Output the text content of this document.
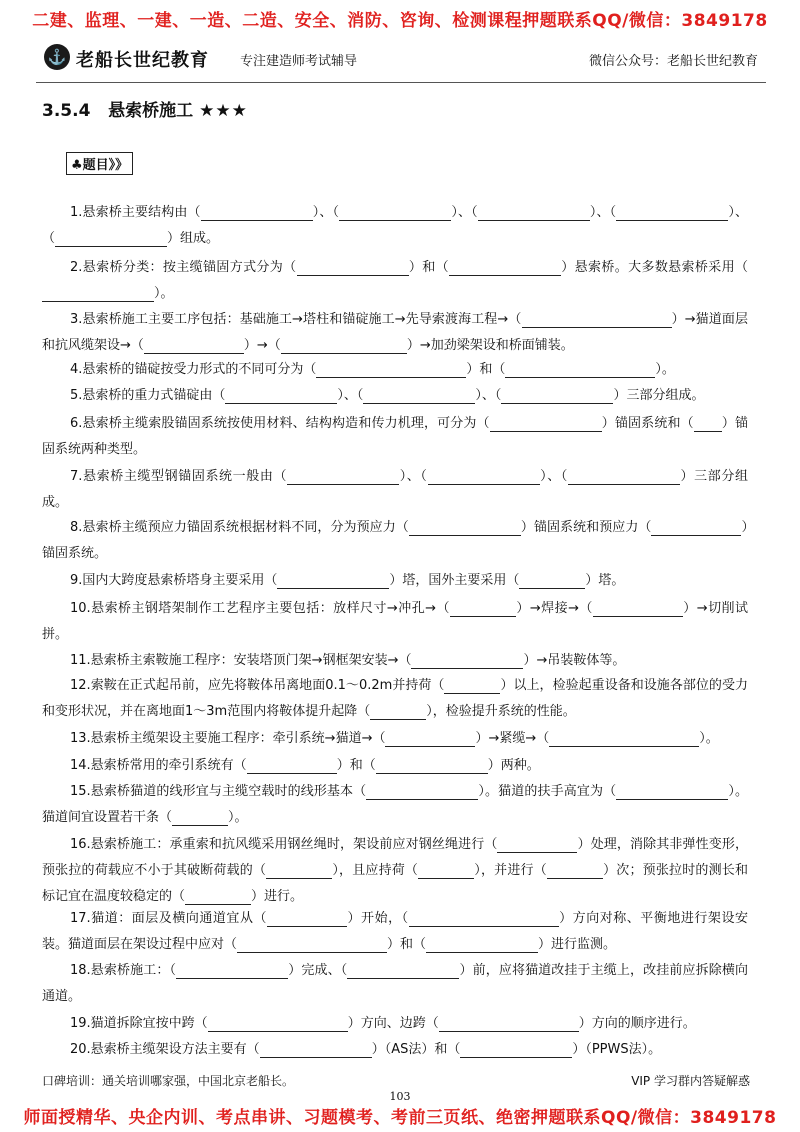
二建、监理、一建、一造、二造、安全、消防、咨询、检测课程押题联系QQ/微信：3849178
⚓ 老船长世纪教育 专注建造师考试辅导	微信公众号：老船长世纪教育
3.5.4 悬索桥施工 ★★★
♣题目》》
1.悬索桥主要结构由（	）、（	）、（	）、（	）、（	）组成。
2.悬索桥分类：按主缆锚固方式分为（	）和（	）悬索桥。大多数悬索桥采用（）。
3.悬索桥施工主要工序包括：基础施工→塔柱和锚碇施工→先导索渡海工程→（	）→猫道面层和抗风缆架设→（	）→（	）→加劲梁架设和桥面铺装。
4.悬索桥的锚碇按受力形式的不同可分为（	）和（	）。
5.悬索桥的重力式锚碇由（	）、（	）、（	）三部分组成。
6.悬索桥主缆索股锚固系统按使用材料、结构构造和传力机理，可分为（	）锚固系统和（ ）锚固系统两种类型。
7.悬索桥主缆型钢锚固系统一般由（	）、（	）、（	）三部分组成。
8.悬索桥主缆预应力锚固系统根据材料不同，分为预应力（	）锚固系统和预应力（	）锚固系统。
9.国内大跨度悬索桥塔身主要采用（	）塔，国外主要采用（	）塔。
10.悬索桥主钢塔架制作工艺程序主要包括：放样尺寸→冲孔→（	）→焊接→（	）→切削试拼。
11.悬索桥主索鞍施工程序：安装塔顶门架→钢框架安装→（	）→吊装鞍体等。
12.索鞍在正式起吊前，应先将鞍体吊离地面0.1～0.2m并持荷（	）以上，检验起重设备和设施各部位的受力和变形状况，并在离地面1～3m范围内将鞍体提升起降（	），检验提升系统的性能。
13.悬索桥主缆架设主要施工程序：牵引系统→猫道→（	）→紧缆→（	）。
14.悬索桥常用的牵引系统有（	）和（	）两种。
15.悬索桥猫道的线形宜与主缆空载时的线形基本（	）。猫道的扶手高宜为（	）。猫道间宜设置若干条（	）。
16.悬索桥施工：承重索和抗风缆采用钢丝绳时，架设前应对钢丝绳进行（	）处理，消除其非弹性变形，预张拉的荷载应不小于其破断荷载的（	），且应持荷（	），并进行（	）次；预张拉时的测长和标记宜在温度较稳定的（	）进行。
17.猫道：面层及横向通道宜从（	）开始，（	）方向对称、平衡地进行架设安装。猫道面层在架设过程中应对（	）和（	）进行监测。
18.悬索桥施工：（	）完成、（	）前，应将猫道改挂于主缆上，改挂前应拆除横向通道。
19.猫道拆除宜按中跨（	）方向、边跨（	）方向的顺序进行。
20.悬索桥主缆架设方法主要有（	）（AS法）和（	）（PPWS法）。
口碑培训：通关培训哪家强，中国北京老船长。	VIP 学习群内答疑解惑
103
师面授精华、央企内训、考点串讲、习题模考、考前三页纸、绝密押题联系QQ/微信：3849178
